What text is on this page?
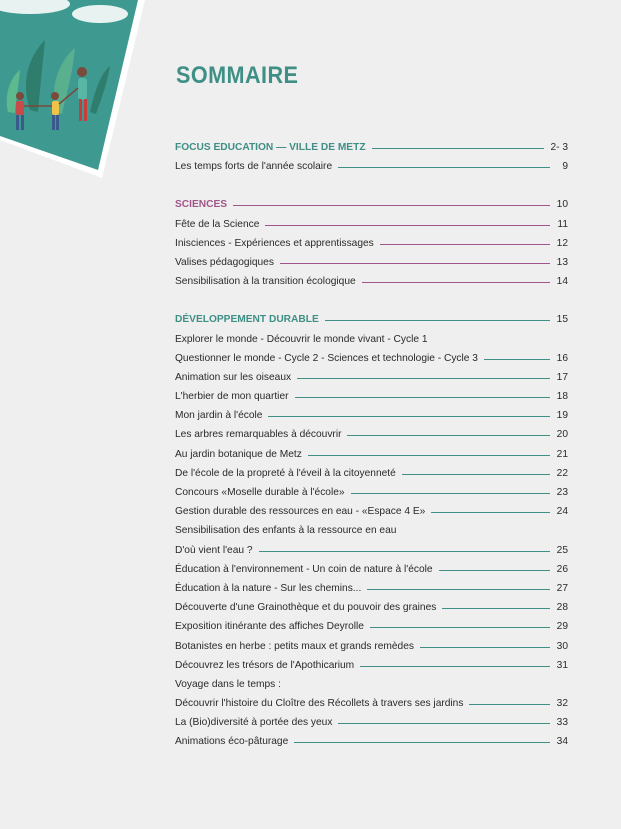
SOMMAIRE
FOCUS EDUCATION — VILLE DE METZ	2- 3
Les temps forts de l'année scolaire	9
SCIENCES	10
Fête de la Science	11
Inisciences - Expériences et apprentissages	12
Valises pédagogiques	13
Sensibilisation à la transition écologique	14
DÉVELOPPEMENT DURABLE	15
Explorer le monde - Découvrir le monde vivant - Cycle 1
Questionner le monde - Cycle 2 - Sciences et technologie - Cycle 3	16
Animation sur les oiseaux	17
L'herbier de mon quartier	18
Mon jardin à l'école	19
Les arbres remarquables à découvrir	20
Au jardin botanique de Metz	21
De l'école de la propreté à l'éveil à la citoyenneté	22
Concours «Moselle durable à l'école»	23
Gestion durable des ressources en eau - «Espace 4 E»	24
Sensibilisation des enfants à la ressource en eau
D'où vient l'eau ?	25
Éducation à l'environnement - Un coin de nature à l'école	26
Éducation à la nature - Sur les chemins...	27
Découverte d'une Grainothèque et du pouvoir des graines	28
Exposition itinérante des affiches Deyrolle	29
Botanistes en herbe : petits maux et grands remèdes	30
Découvrez les trésors de l'Apothicarium	31
Voyage dans le temps :
Découvrir l'histoire du Cloître des Récollets à travers ses jardins	32
La (Bio)diversité à portée des yeux	33
Animations éco-pâturage	34
